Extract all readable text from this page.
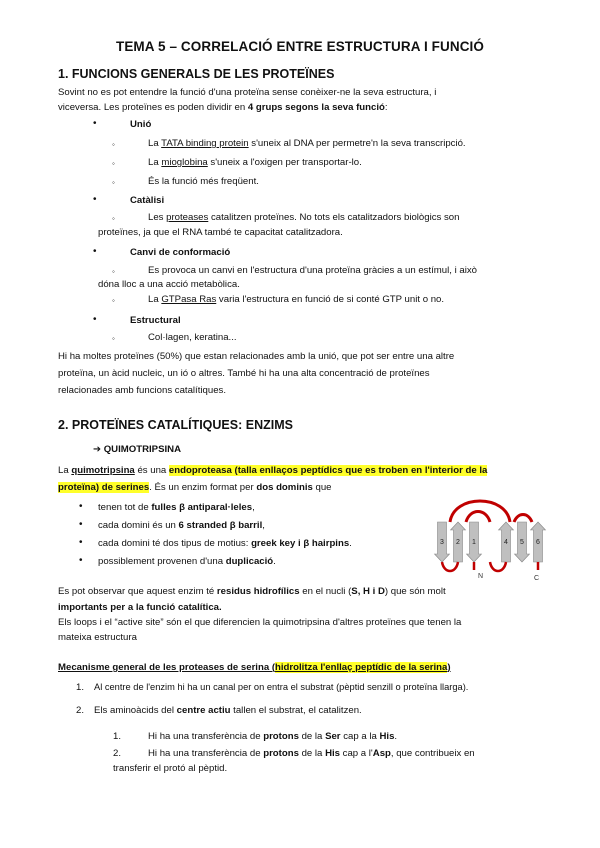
TEMA 5 – CORRELACIÓ ENTRE ESTRUCTURA I FUNCIÓ
1. FUNCIONS GENERALS DE LES PROTEÏNES
Sovint no es pot entendre la funció d'una proteïna sense conèixer-ne la seva estructura, i
viceversa. Les proteïnes es poden dividir en 4 grups segons la seva funció:
•	Unió
◦	La TATA binding protein s'uneix al DNA per permetre'n la seva transcripció.
◦	La mioglobina s'uneix a l'oxigen per transportar-lo.
◦	És la funció més freqüent.
•	Catàlisi
◦	Les proteases catalitzen proteïnes. No tots els catalitzadors biològics son
proteïnes, ja que el RNA també te capacitat catalitzadora.
•	Canvi de conformació
◦	Es provoca un canvi en l'estructura d'una proteïna gràcies a un estímul, i això
dóna lloc a una acció metabòlica.
◦	La GTPasa Ras varia l'estructura en funció de si conté GTP unit o no.
•	Estructural
◦	Col·lagen, keratina...
Hi ha moltes proteïnes (50%) que estan relacionades amb la unió, que pot ser entre una altre
proteïna, un àcid nucleic, un ió o altres. També hi ha una alta concentració de proteïnes
relacionades amb funcions catalítiques.
2. PROTEÏNES CATALÍTIQUES: ENZIMS
➔ QUIMOTRIPSINA
La quimotripsina és una endoproteasa (talla enllaços peptídics que es troben en l'interior de la
proteïna) de serines. És un enzim format per dos dominis que
• tenen tot de fulles β antiparal·leles,
• cada domini és un 6 stranded β barril,
• cada domini té dos tipus de motius: greek key i β hairpins.
• possiblement provenen d'una duplicació.
3 2 1	4 5 6
N	C
Es pot observar que aquest enzim té residus hidrofílics en el nucli (S, H i D) que són molt
importants per a la funció catalítica.
Els loops i el “active site” són el que diferencien la quimotripsina d'altres proteïnes que tenen la
mateixa estructura
Mecanisme general de les proteases de serina (hidrolitza l'enllaç peptídic de la serina)
1. Al centre de l'enzim hi ha un canal per on entra el substrat (pèptid senzill o proteïna llarga).
2. Els aminoàcids del centre actiu tallen el substrat, el catalitzen.
1.	Hi ha una transferència de protons de la Ser cap a la His.
2.	Hi ha una transferència de protons de la His cap a l'Asp, que contribueix en
transferir el protó al pèptid.
